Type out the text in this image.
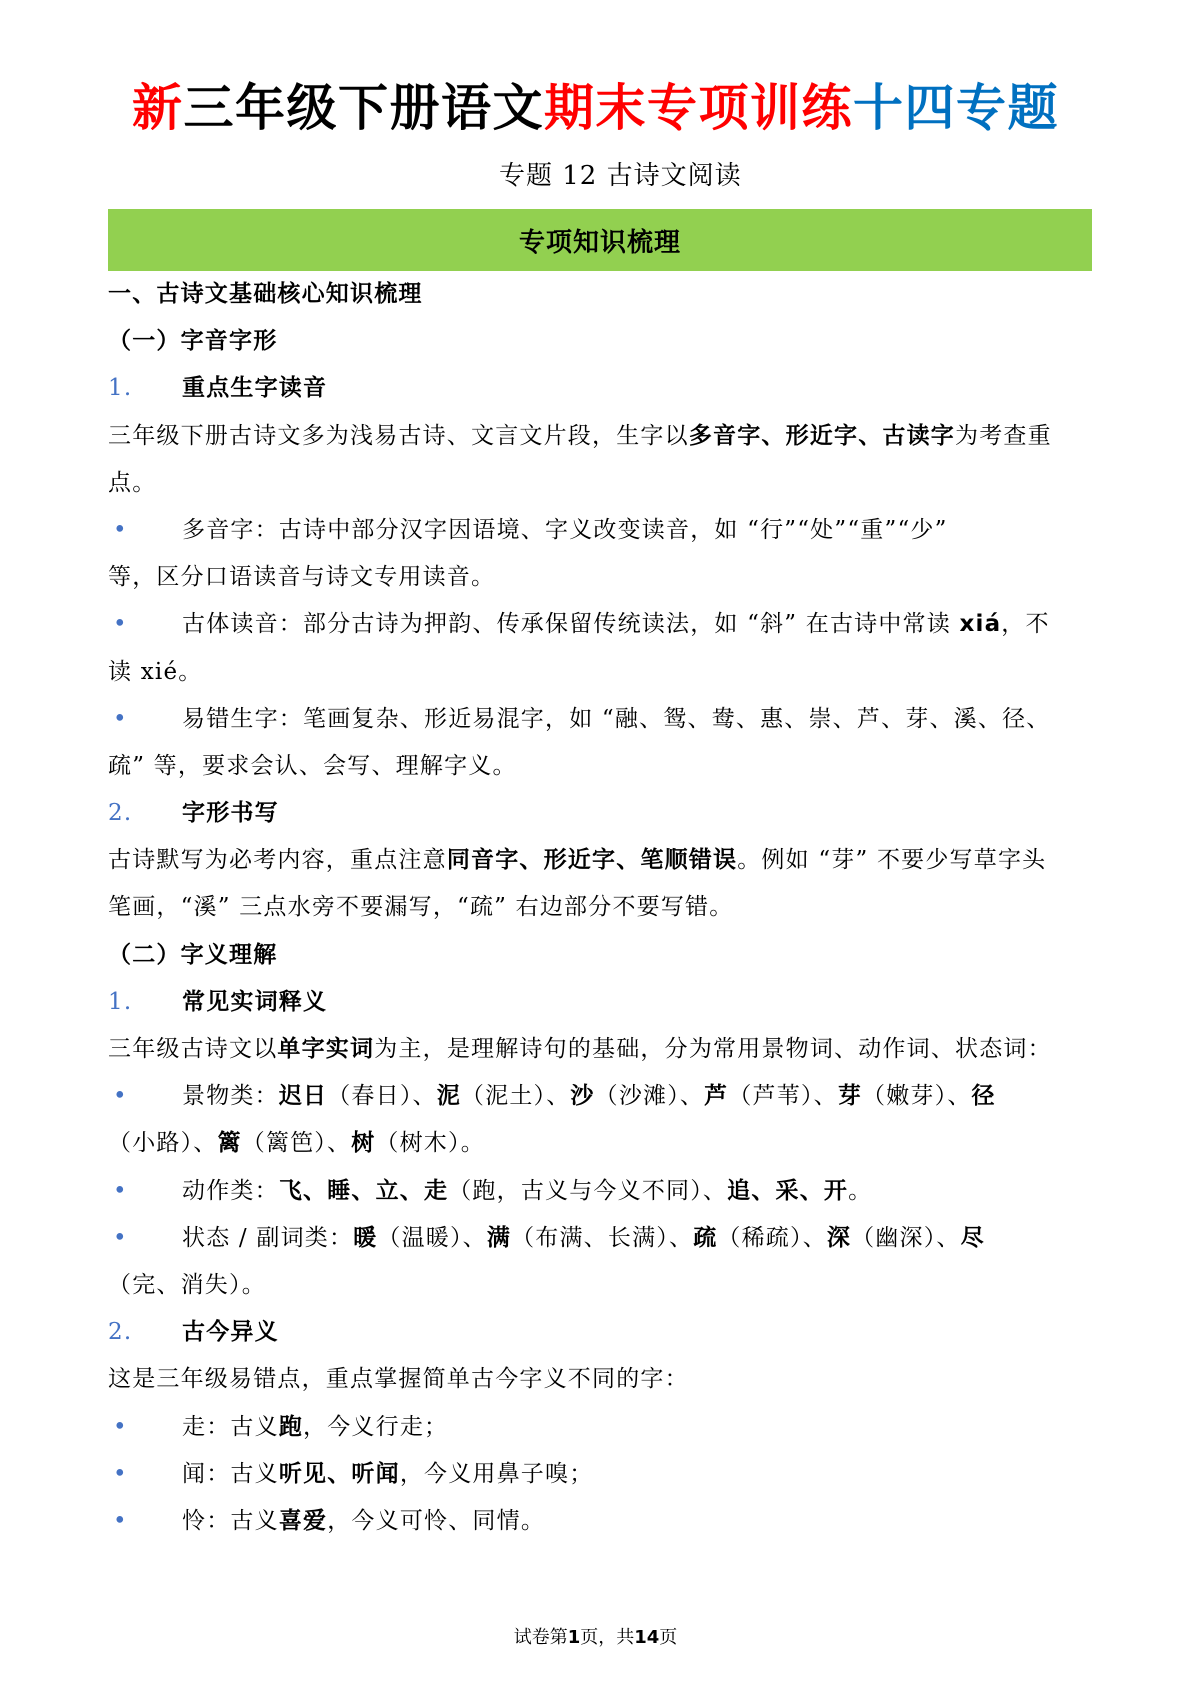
新三年级下册语文期末专项训练十四专题
专题 12 古诗文阅读
专项知识梳理
一、古诗文基础核心知识梳理
（一）字音字形
1. 重点生字读音
三年级下册古诗文多为浅易古诗、文言文片段，生字以多音字、形近字、古读字为考查重
点。
• 多音字：古诗中部分汉字因语境、字义改变读音，如 “行”“处”“重”“少”
等，区分口语读音与诗文专用读音。
• 古体读音：部分古诗为押韵、传承保留传统读法，如 “斜” 在古诗中常读 xiá，不
读 xié。
• 易错生字：笔画复杂、形近易混字，如 “融、鸳、鸯、惠、崇、芦、芽、溪、径、
疏” 等，要求会认、会写、理解字义。
2. 字形书写
古诗默写为必考内容，重点注意同音字、形近字、笔顺错误。例如 “芽” 不要少写草字头
笔画，“溪” 三点水旁不要漏写，“疏” 右边部分不要写错。
（二）字义理解
1. 常见实词释义
三年级古诗文以单字实词为主，是理解诗句的基础，分为常用景物词、动作词、状态词：
• 景物类：迟日（春日）、泥（泥土）、沙（沙滩）、芦（芦苇）、芽（嫩芽）、径
（小路）、篱（篱笆）、树（树木）。
• 动作类：飞、睡、立、走（跑，古义与今义不同）、追、采、开。
• 状态 / 副词类：暖（温暖）、满（布满、长满）、疏（稀疏）、深（幽深）、尽
（完、消失）。
2. 古今异义
这是三年级易错点，重点掌握简单古今字义不同的字：
• 走：古义跑，今义行走；
• 闻：古义听见、听闻，今义用鼻子嗅；
• 怜：古义喜爱，今义可怜、同情。
试卷第1页，共14页
